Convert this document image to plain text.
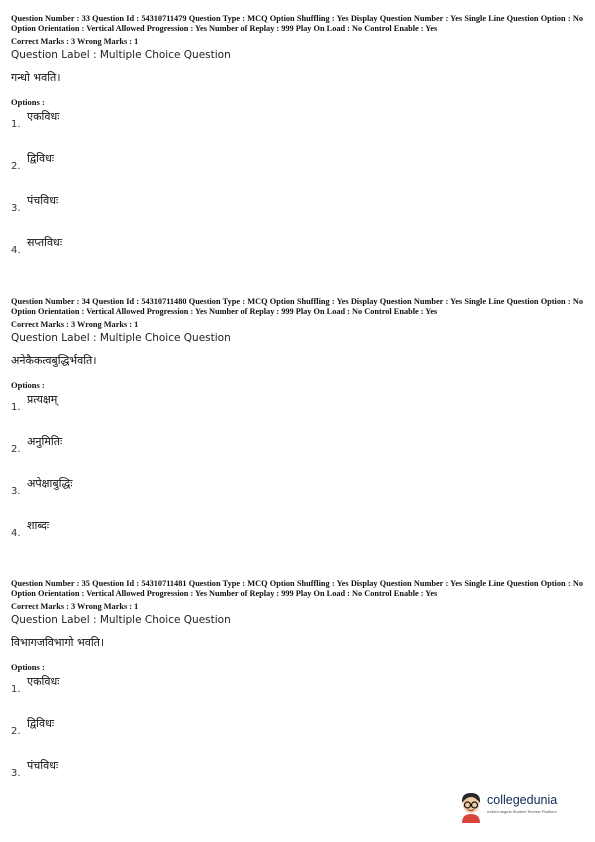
Question Number : 33 Question Id : 54310711479 Question Type : MCQ Option Shuffling : Yes Display Question Number : Yes Single Line Question Option : No Option Orientation : Vertical Allowed Progression : Yes Number of Replay : 999 Play On Load : No Control Enable : Yes

Correct Marks : 3 Wrong Marks : 1
Question Label : Multiple Choice Question
गन्धो भवति।
Options :
1.
एकविधः
2.
द्विविधः
3.
पंचविधः
4.
सप्तविधः

Question Number : 34 Question Id : 54310711480 Question Type : MCQ Option Shuffling : Yes Display Question Number : Yes Single Line Question Option : No Option Orientation : Vertical Allowed Progression : Yes Number of Replay : 999 Play On Load : No Control Enable : Yes

Correct Marks : 3 Wrong Marks : 1
Question Label : Multiple Choice Question
अनेकैकत्वबुद्धिर्भवति।
Options :
1.
प्रत्यक्षम्
2.
अनुमितिः
3.
अपेक्षाबुद्धिः
4.
शाब्दः

Question Number : 35 Question Id : 54310711481 Question Type : MCQ Option Shuffling : Yes Display Question Number : Yes Single Line Question Option : No Option Orientation : Vertical Allowed Progression : Yes Number of Replay : 999 Play On Load : No Control Enable : Yes

Correct Marks : 3 Wrong Marks : 1
Question Label : Multiple Choice Question
विभागजविभागो भवति।
Options :
1.
एकविधः
2.
द्विविधः
3.
पंचविधः
collegedunia
India's largest Student Review Platform
